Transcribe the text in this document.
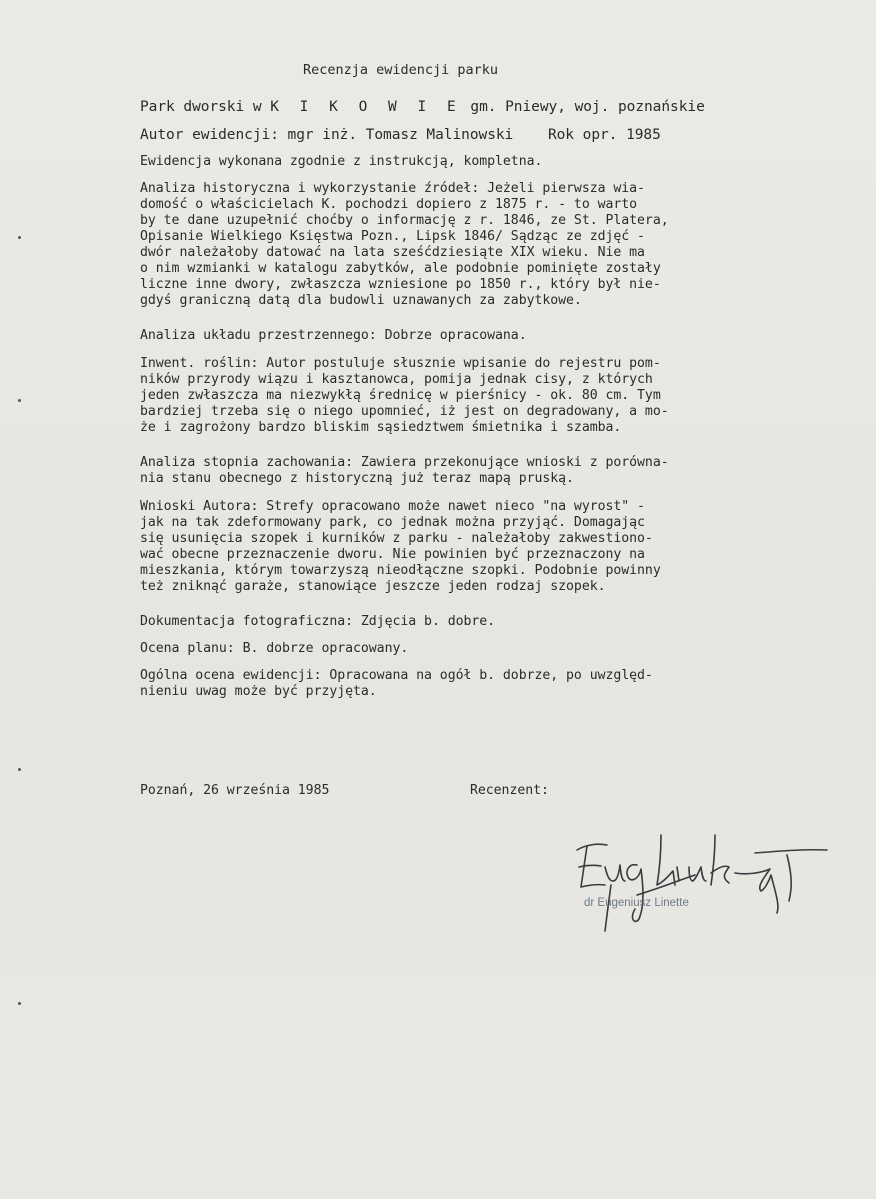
Recenzja ewidencji parku
Park dworski w K I K O W I E gm. Pniewy, woj. poznańskie
Autor ewidencji: mgr inż. Tomasz Malinowski    Rok opr. 1985
Ewidencja wykonana zgodnie z instrukcją, kompletna.
Analiza historyczna i wykorzystanie źródeł: Jeżeli pierwsza wia-
domość o właścicielach K. pochodzi dopiero z 1875 r. - to warto
by te dane uzupełnić choćby o informację z r. 1846, ze St. Platera,
Opisanie Wielkiego Księstwa Pozn., Lipsk 1846/ Sądząc ze zdjęć -
dwór należałoby datować na lata sześćdziesiąte XIX wieku. Nie ma
o nim wzmianki w katalogu zabytków, ale podobnie pominięte zostały
liczne inne dwory, zwłaszcza wzniesione po 1850 r., który był nie-
gdyś graniczną datą dla budowli uznawanych za zabytkowe.
Analiza układu przestrzennego: Dobrze opracowana.
Inwent. roślin: Autor postuluje słusznie wpisanie do rejestru pom-
ników przyrody wiązu i kasztanowca, pomija jednak cisy, z których
jeden zwłaszcza ma niezwykłą średnicę w pierśnicy - ok. 80 cm. Tym
bardziej trzeba się o niego upomnieć, iż jest on degradowany, a mo-
że i zagrożony bardzo bliskim sąsiedztwem śmietnika i szamba.
Analiza stopnia zachowania: Zawiera przekonujące wnioski z porówna-
nia stanu obecnego z historyczną już teraz mapą pruską.
Wnioski Autora: Strefy opracowano może nawet nieco "na wyrost" -
jak na tak zdeformowany park, co jednak można przyjąć. Domagając
się usunięcia szopek i kurników z parku - należałoby zakwestiono-
wać obecne przeznaczenie dworu. Nie powinien być przeznaczony na
mieszkania, którym towarzyszą nieodłączne szopki. Podobnie powinny
też zniknąć garaże, stanowiące jeszcze jeden rodzaj szopek.
Dokumentacja fotograficzna: Zdjęcia b. dobre.
Ocena planu: B. dobrze opracowany.
Ogólna ocena ewidencji: Opracowana na ogół b. dobrze, po uwzględ-
nieniu uwag może być przyjęta.
Poznań, 26 września 1985	Recenzent:
dr Eugeniusz Linette
